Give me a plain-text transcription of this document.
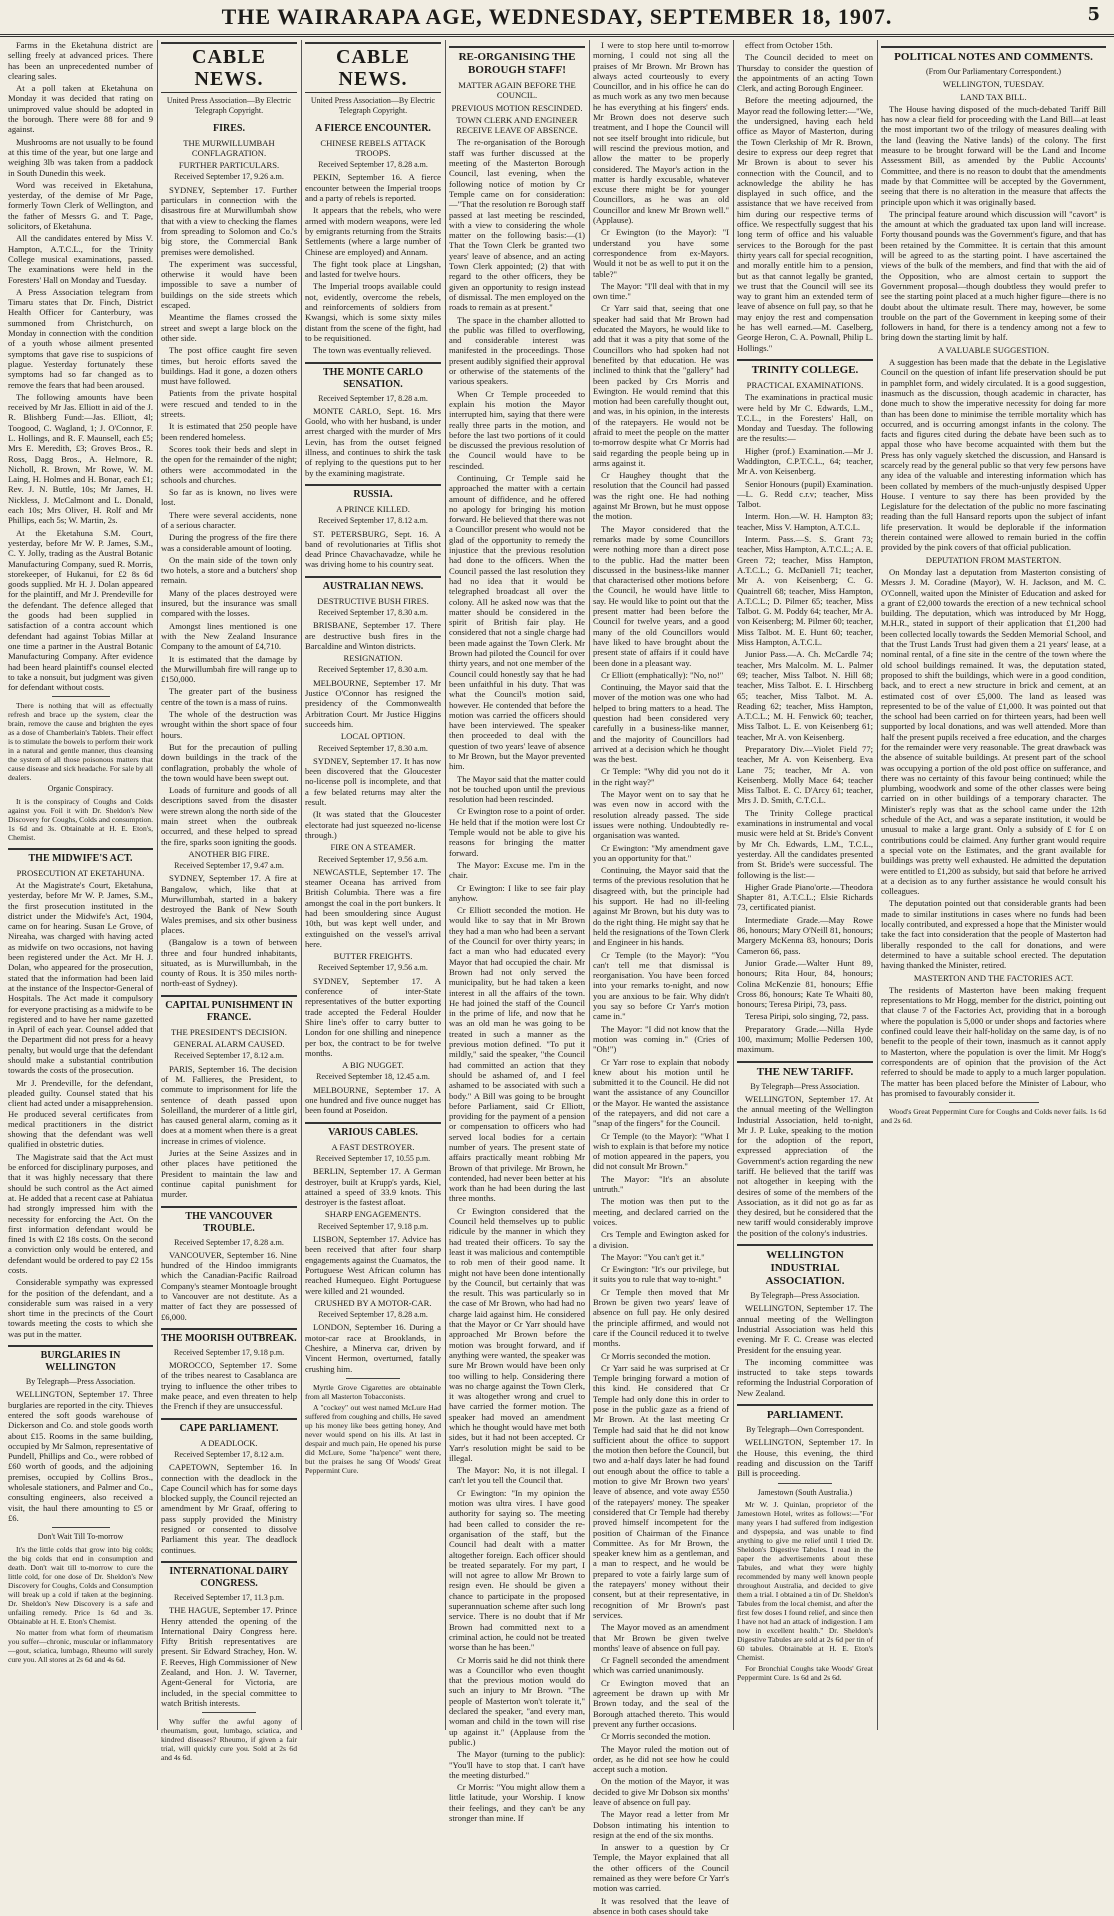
THE WAIRARAPA AGE, WEDNESDAY, SEPTEMBER 18, 1907.	5

Farms in the Eketahuna district are selling freely at advanced prices. There has been an unprecedented number of clearing sales.

At a poll taken at Eketahuna on Monday it was decided that rating on unimproved value should be adopted in the borough. There were 88 for and 9 against.

Mushrooms are not usually to be found at this time of the year, but one large and weighing 3lb was taken from a paddock in South Dunedin this week.

Word was received in Eketahuna, yesterday, of the demise of Mr Page, formerly Town Clerk of Wellington, and the father of Messrs G. and T. Page, solicitors, of Eketahuna.

All the candidates entered by Miss V. Hampton, A.T.C.L., for the Trinity College musical examinations, passed. The examinations were held in the Foresters' Hall on Monday and Tuesday.

A Press Association telegram from Timaru states that Dr. Finch, District Health Officer for Canterbury, was summoned from Christchurch, on Monday in connection with the condition of a youth whose ailment presented symptoms that gave rise to suspicions of plague. Yesterday fortunately these symptoms had so far changed as to remove the fears that had been aroused.

The following amounts have been received by Mr Jas. Elliott in aid of the J. R. Blishberg Fund:—Jas. Elliott, 4l; Toogood, C. Wagland, 1; J. O'Connor, F. L. Hollings, and R. F. Maunsell, each £5; Mrs E. Meredith, £3; Groves Bros., R. Ross, Dagg Bros., A. Helmore, R. Nicholl, R. Brown, Mr Rowe, W. M. Laing, H. Holmes and H. Bonar, each £1; Rev. J. N. Buttle, 10s; Mr James, H. Nickless, J. McCalmont and L. Donald, each 10s; Mrs Oliver, H. Rolf and Mr Phillips, each 5s; W. Martin, 2s.

At the Eketahuna S.M. Court, yesterday, before Mr W. P. James, S.M., C. Y. Jolly, trading as the Austral Botanic Manufacturing Company, sued R. Morris, storekeeper, of Hukanui, for £2 8s 6d goods supplied. Mr H. J. Dolan appeared for the plaintiff, and Mr J. Prendeville for the defendant. The defence alleged that the goods had been supplied in satisfaction of a contra account which defendant had against Tobias Millar at one time a partner in the Austral Botanic Manufacturing Company. After evidence had been heard plaintiff's counsel elected to take a nonsuit, but judgment was given for defendant without costs.

There is nothing that will as effectually refresh and brace up the system, clear the brain, remove the cause and brighten the eyes as a dose of Chamberlain's Tablets. Their effect is to stimulate the bowels to perform their work in a natural and gentle manner, thus cleansing the system of all those poisonous matters that cause disease and sick headache. For sale by all dealers.

Organic Conspiracy.

It is the conspiracy of Coughs and Colds against you. Foil it with Dr. Sheldon's New Discovery for Coughs, Colds and consumption. 1s 6d and 3s. Obtainable at H. E. Eton's, Chemist.

THE MIDWIFE'S ACT.
PROSECUTION AT EKETAHUNA.

At the Magistrate's Court, Eketahuna, yesterday, before Mr W. P. James, S.M., the first prosecution instituted in the district under the Midwife's Act, 1904, came on for hearing. Susan Le Grove, of Nireaha, was charged with having acted as midwife on two occasions, not having been registered under the Act. Mr H. J. Dolan, who appeared for the prosecution, stated that the information had been laid at the instance of the Inspector-General of Hospitals. The Act made it compulsory for everyone practising as a midwife to be registered and to have her name gazetted in April of each year. Counsel added that the Department did not press for a heavy penalty, but would urge that the defendant should make a substantial contribution towards the costs of the prosecution.

Mr J. Prendeville, for the defendant, pleaded guilty. Counsel stated that his client had acted under a misapprehension. He produced several certificates from medical practitioners in the district showing that the defendant was well qualified in obstetric duties.

The Magistrate said that the Act must be enforced for disciplinary purposes, and that it was highly necessary that there should be such control as the Act aimed at. He added that a recent case at Pahiatua had strongly impressed him with the necessity for enforcing the Act. On the first information defendant would be fined 1s with £2 18s costs. On the second a conviction only would be entered, and defendant would be ordered to pay £2 15s costs.

Considerable sympathy was expressed for the position of the defendant, and a considerable sum was raised in a very short time in the precincts of the Court towards meeting the costs to which she was put in the matter.

BURGLARIES IN WELLINGTON
By Telegraph—Press Association.

WELLINGTON, September 17. Three burglaries are reported in the city. Thieves entered the soft goods warehouse of Dickerson and Co. and stole goods worth about £15. Rooms in the same building, occupied by Mr Salmon, representative of Pundell, Phillips and Co., were robbed of £60 worth of goods, and the adjoining premises, occupied by Collins Bros., wholesale stationers, and Palmer and Co., consulting engineers, also received a visit, the haul there amounting to £5 or £6.

Don't Wait Till To-morrow

It's the little colds that grow into big colds; the big colds that end in consumption and death. Don't wait till to-morrow to cure the little cold, for one dose of Dr. Sheldon's New Discovery for Coughs, Colds and Consumption will break up a cold if taken at the beginning. Dr. Sheldon's New Discovery is a safe and unfailing remedy. Price 1s 6d and 3s. Obtainable at H. E. Eton's Chemist.

No matter from what form of rheumatism you suffer—chronic, muscular or inflammatory—gout, sciatica, lumbago, Rheumo will surely cure you. All stores at 2s 6d and 4s 6d.

CABLE NEWS.
United Press Association—By Electric Telegraph Copyright.
FIRES.
THE MURWILLUMBAH CONFLAGRATION.
FURTHER PARTICULARS.
Received September 17, 9.26 a.m.

SYDNEY, September 17. Further particulars in connection with the disastrous fire at Murwillumbah show that with a view to checking the flames from spreading to Solomon and Co.'s big store, the Commercial Bank premises were demolished.

The experiment was successful, otherwise it would have been impossible to save a number of buildings on the side streets which escaped.

Meantime the flames crossed the street and swept a large block on the other side.

The post office caught fire seven times, but heroic efforts saved the buildings. Had it gone, a dozen others must have followed.

Patients from the private hospital were rescued and tended to in the streets.

It is estimated that 250 people have been rendered homeless.

Scores took their beds and slept in the open for the remainder of the night; others were accommodated in the schools and churches.

So far as is known, no lives were lost.

There were several accidents, none of a serious character.

During the progress of the fire there was a considerable amount of looting.

On the main side of the town only two hotels, a store and a butchers' shop remain.

Many of the places destroyed were insured, but the insurance was small compared with the losses.

Amongst lines mentioned is one with the New Zealand Insurance Company to the amount of £4,710.

It is estimated that the damage by the Murwillumbah fire will range up to £150,000.

The greater part of the business centre of the town is a mass of ruins.

The whole of the destruction was wrought within the short space of four hours.

But for the precaution of pulling down buildings in the track of the conflagration, probably the whole of the town would have been swept out.

Loads of furniture and goods of all descriptions saved from the disaster were strewn along the north side of the main street when the outbreak occurred, and these helped to spread the fire, sparks soon igniting the goods.

ANOTHER BIG FIRE.
Received September 17, 9.47 a.m.

SYDNEY, September 17. A fire at Bangalow, which, like that at Murwillumbah, started in a bakery destroyed the Bank of New South Wales premises, and six other business places.

(Bangalow is a town of between three and four hundred inhabitants, situated, as is Murwillumbah, in the county of Rous. It is 350 miles north-north-east of Sydney).

CAPITAL PUNISHMENT IN FRANCE.
THE PRESIDENT'S DECISION.
GENERAL ALARM CAUSED.
Received September 17, 8.12 a.m.

PARIS, September 16. The decision of M. Fallieres, the President, to commute to imprisonment for life the sentence of death passed upon Soleilland, the murderer of a little girl, has caused general alarm, coming as it does at a moment when there is a great increase in crimes of violence.

Juries at the Seine Assizes and in other places have petitioned the President to maintain the law and continue capital punishment for murder.

THE VANCOUVER TROUBLE.
Received September 17, 8.28 a.m.

VANCOUVER, September 16. Nine hundred of the Hindoo immigrants which the Canadian-Pacific Railroad Company's steamer Montoagle brought to Vancouver are not destitute. As a matter of fact they are possessed of £6,000.

THE MOORISH OUTBREAK.
Received September 17, 9.18 p.m.

MOROCCO, September 17. Some of the tribes nearest to Casablanca are trying to influence the other tribes to make peace, and even threaten to help the French if they are unsuccessful.

CAPE PARLIAMENT.
A DEADLOCK.
Received September 17, 8.12 a.m.

CAPETOWN, September 16. In connection with the deadlock in the Cape Council which has for some days blocked supply, the Council rejected an amendment by Mr Graaf, offering to pass supply provided the Ministry resigned or consented to dissolve Parliament this year. The deadlock continues.

INTERNATIONAL DAIRY CONGRESS.
Received September 17, 11.3 p.m.

THE HAGUE, September 17. Prince Henry attended the opening of the International Dairy Congress here. Fifty British representatives are present. Sir Edward Strachey, Hon. W. F. Reeves, High Commissioner of New Zealand, and Hon. J. W. Taverner, Agent-General for Victoria, are included, in the special committee to watch British interests.

Why suffer the awful agony of rheumatism, gout, lumbago, sciatica, and kindred diseases? Rheumo, if given a fair trial, will quickly cure you. Sold at 2s 6d and 4s 6d.

CABLE NEWS.
United Press Association—By Electric Telegraph Copyright.
A FIERCE ENCOUNTER.
CHINESE REBELS ATTACK TROOPS.
Received September 17, 8.28 a.m.

PEKIN, September 16. A fierce encounter between the Imperial troops and a party of rebels is reported.

It appears that the rebels, who were armed with modern weapons, were led by emigrants returning from the Straits Settlements (where a large number of Chinese are employed) and Annam.

The fight took place at Lingshan, and lasted for twelve hours.

The Imperial troops available could not, evidently, overcome the rebels, and reinforcements of soldiers from Kwangsi, which is some sixty miles distant from the scene of the fight, had to be requisitioned.

The town was eventually relieved.

THE MONTE CARLO SENSATION.
Received September 17, 8.28 a.m.

MONTE CARLO, Sept. 16. Mrs Goold, who with her husband, is under arrest charged with the murder of Mrs Levin, has from the outset feigned illness, and continues to shirk the task of replying to the questions put to her by the examining magistrate.

RUSSIA.
A PRINCE KILLED.
Received September 17, 8.12 a.m.

ST. PETERSBURG, Sept. 16. A band of revolutionaries at Tiflis shot dead Prince Chavachavadze, while he was driving home to his country seat.

AUSTRALIAN NEWS.
DESTRUCTIVE BUSH FIRES.
Received September 17, 8.30 a.m.

BRISBANE, September 17. There are destructive bush fires in the Barcaldine and Winton districts.

RESIGNATION.
Received September 17, 8.30 a.m.

MELBOURNE, September 17. Mr Justice O'Connor has resigned the presidency of the Commonwealth Arbitration Court. Mr Justice Higgins succeeds him.

LOCAL OPTION.
Received September 17, 8.30 a.m.

SYDNEY, September 17. It has now been discovered that the Gloucester no-license poll is incomplete, and that a few belated returns may alter the result.

(It was stated that the Gloucester electorate had just squeezed no-license through.)

FIRE ON A STEAMER.
Received September 17, 9.56 a.m.

NEWCASTLE, September 17. The steamer Oceana has arrived from British Columbia. There was a fire amongst the coal in the port bunkers. It had been smouldering since August 10th, but was kept well under, and extinguished on the vessel's arrival here.

BUTTER FREIGHTS.
Received September 17, 9.56 a.m.

SYDNEY, September 17. A conference of inter-State representatives of the butter exporting trade accepted the Federal Houlder Shire line's offer to carry butter to London for one shilling and ninepence per box, the contract to be for twelve months.

A BIG NUGGET.
Received September 18, 12.45 a.m.

MELBOURNE, September 17. A one hundred and five ounce nugget has been found at Poseidon.

VARIOUS CABLES.
A FAST DESTROYER.
Received September 17, 10.55 p.m.

BERLIN, September 17. A German destroyer, built at Krupp's yards, Kiel, attained a speed of 33.9 knots. This destroyer is the fastest afloat.

SHARP ENGAGEMENTS.
Received September 17, 9.18 p.m.

LISBON, September 17. Advice has been received that after four sharp engagements against the Cuamatos, the Portuguese West African column has reached Humequeo. Eight Portuguese were killed and 21 wounded.

CRUSHED BY A MOTOR-CAR.
Received September 17, 8.28 a.m.

LONDON, September 16. During a motor-car race at Brooklands, in Cheshire, a Minerva car, driven by Vincent Hermon, overturned, fatally crushing him.

Myrtle Grove Cigarettes are obtainable from all Masterton Tobacconists.

A "cockey" out west named McLure Had suffered from coughing and chills, He saved up his money like bees getting honey, And never would spend on his ills. At last in despair and much pain, He opened his purse did McLure, Some "ha'pence" went there, but the praises he sang Of Woods' Great Peppermint Cure.

RE-ORGANISING THE BOROUGH STAFF!
MATTER AGAIN BEFORE THE COUNCIL.
PREVIOUS MOTION RESCINDED.
TOWN CLERK AND ENGINEER RECEIVE LEAVE OF ABSENCE.

The re-organisation of the Borough staff was further discussed at the meeting of the Masterton Borough Council, last evening, when the following notice of motion by Cr Temple came on for consideration:—"That the resolution re Borough staff passed at last meeting be rescinded, with a view to considering the whole matter on the following basis:—(1) That the Town Clerk be granted two years' leave of absence, and an acting Town Clerk appointed; (2) that with regard to the other officers, they be given an opportunity to resign instead of dismissal. The men employed on the roads to remain as at present."

The space in the chamber allotted to the public was filled to overflowing, and considerable interest was manifested in the proceedings. Those present audibly signified their approval or otherwise of the statements of the various speakers.

When Cr Temple proceeded to explain his motion the Mayor interrupted him, saying that there were really three parts in the motion, and before the last two portions of it could be discussed the previous resolution of the Council would have to be rescinded.

Continuing, Cr Temple said he approached the matter with a certain amount of diffidence, and he offered no apology for bringing his motion forward. He believed that there was not a Councillor present who would not be glad of the opportunity to remedy the injustice that the previous resolution had done to the officers. When the Council passed the last resolution they had no idea that it would be telegraphed broadcast all over the colony. All he asked now was that the matter should be considered in the spirit of British fair play. He considered that not a single charge had been made against the Town Clerk. Mr Brown had piloted the Council for over thirty years, and not one member of the Council could honestly say that he had been unfaithful in his duty. That was what the Council's motion said, however. He contended that before the motion was carried the officers should have been interviewed. The speaker then proceeded to deal with the question of two years' leave of absence to Mr Brown, but the Mayor prevented him.

The Mayor said that the matter could not be touched upon until the previous resolution had been rescinded.

Cr Ewington rose to a point of order. He held that if the motion were lost Cr Temple would not be able to give his reasons for bringing the matter forward.

The Mayor: Excuse me. I'm in the chair.

Cr Ewington: I like to see fair play anyhow.

Cr Elliott seconded the motion. He would like to say that in Mr Brown they had a man who had been a servant of the Council for over thirty years; in fact a man who had educated every Mayor that had occupied the chair. Mr Brown had not only served the municipality, but he had taken a keen interest in all the affairs of the town. He had joined the staff of the Council in the prime of life, and now that he was an old man he was going to be treated in such a manner as the previous motion defined. "To put it mildly," said the speaker, "the Council had committed an action that they should be ashamed of, and I feel ashamed to be associated with such a body." A Bill was going to be brought before Parliament, said Cr Elliott, providing for the payment of a pension or compensation to officers who had served local bodies for a certain number of years. The present state of affairs practically meant robbing Mr Brown of that privilege. Mr Brown, he contended, had never been better at his work than he had been during the last three months.

Cr Ewington considered that the Council held themselves up to public ridicule by the manner in which they had treated their officers. To say the least it was malicious and contemptible to rob men of their good name. It might not have been done intentionally by the Council, but certainly that was the result. This was particularly so in the case of Mr Brown, who had had no charge laid against him. He considered that the Mayor or Cr Yarr should have approached Mr Brown before the motion was brought forward, and if anything were wanted, the speaker was sure Mr Brown would have been only too willing to help. Considering there was no charge against the Town Clerk, it was altogether wrong and cruel to have carried the former motion. The speaker had moved an amendment which he thought would have met both sides, but it had not been accepted. Cr Yarr's resolution might be said to be illegal.

The Mayor: No, it is not illegal. I can't let you tell the Council that.

Cr Ewington: "In my opinion the motion was ultra vires. I have good authority for saying so. The meeting had been called to consider the re-organisation of the staff, but the Council had dealt with a matter altogether foreign. Each officer should be treated separately. For my part, I will not agree to allow Mr Brown to resign even. He should be given a chance to participate in the proposed superannuation scheme after such long service. There is no doubt that if Mr Brown had committed next to a criminal action, he could not be treated worse than he has been."

Cr Morris said he did not think there was a Councillor who even thought that the previous motion would do such an injury to Mr Brown. "The people of Masterton won't tolerate it," declared the speaker, "and every man, woman and child in the town will rise up against it." (Applause from the public.)

The Mayor (turning to the public): "You'll have to stop that. I can't have the meeting disturbed."

Cr Morris: "You might allow them a little latitude, your Worship. I know their feelings, and they can't be any stronger than mine. If

I were to stop here until to-morrow morning, I could not sing all the praises of Mr Brown. Mr Brown has always acted courteously to every Councillor, and in his office he can do as much work as any two men because he has everything at his fingers' ends. Mr Brown does not deserve such treatment, and I hope the Council will not see itself brought into ridicule, but will rescind the previous motion, and allow the matter to be properly considered. The Mayor's action in the matter is hardly excusable, whatever excuse there might be for younger Councillors, as he was an old Councillor and knew Mr Brown well." (Applause).

Cr Ewington (to the Mayor): "I understand you have some correspondence from ex-Mayors. Would it not be as well to put it on the table?"

The Mayor: "I'll deal with that in my own time."

Cr Yarr said that, seeing that one speaker had said that Mr Brown had educated the Mayors, he would like to add that it was a pity that some of the Councillors who had spoken had not benefited by that education. He was inclined to think that the "gallery" had been packed by Crs Morris and Ewington. He would remind that this motion had been carefully thought out, and was, in his opinion, in the interests of the ratepayers. He would not be afraid to meet the people on the matter to-morrow despite what Cr Morris had said regarding the people being up in arms against it.

Cr Haughey thought that the resolution that the Council had passed was the right one. He had nothing against Mr Brown, but he must oppose the motion.

The Mayor considered that the remarks made by some Councillors were nothing more than a direct pose to the public. Had the matter been discussed in the business-like manner that characterised other motions before the Council, he would have little to say. He would like to point out that the present matter had been before the Council for twelve years, and a good many of the old Councillors would have liked to have brought about the present state of affairs if it could have been done in a pleasant way.

Cr Elliott (emphatically): "No, no!"

Continuing, the Mayor said that the mover of the motion was one who had helped to bring matters to a head. The question had been considered very carefully in a business-like manner, and the majority of Councillors had arrived at a decision which he thought was the best.

Cr Temple: "Why did you not do it in the right way?"

The Mayor went on to say that he was even now in accord with the resolution already passed. The side issues were nothing. Undoubtedly re-organisation was wanted.

Cr Ewington: "My amendment gave you an opportunity for that."

Continuing, the Mayor said that the terms of the previous resolution that he disagreed with, but the principle had his support. He had no ill-feeling against Mr Brown, but his duty was to do the right thing. He might say that he held the resignations of the Town Clerk and Engineer in his hands.

Cr Temple (to the Mayor): "You can't tell me that dismissal is reorganisation. You have been forced into your remarks to-night, and now you are anxious to be fair. Why didn't you say so before Cr Yarr's motion came in."

The Mayor: "I did not know that the motion was coming in." (Cries of "Oh!")

Cr Yarr rose to explain that nobody knew about his motion until he submitted it to the Council. He did not want the assistance of any Councillor or the Mayor. He wanted the assistance of the ratepayers, and did not care a "snap of the fingers" for the Council.

Cr Temple (to the Mayor): "What I wish to explain is that before my notice of motion appeared in the papers, you did not consult Mr Brown."

The Mayor: "It's an absolute untruth."

The motion was then put to the meeting, and declared carried on the voices.

Crs Temple and Ewington asked for a division.

The Mayor: "You can't get it."

Cr Ewington: "It's our privilege, but it suits you to rule that way to-night."

Cr Temple then moved that Mr Brown be given two years' leave of absence on full pay. He only desired the principle affirmed, and would not care if the Council reduced it to twelve months.

Cr Morris seconded the motion.

Cr Yarr said he was surprised at Cr Temple bringing forward a motion of this kind. He considered that Cr Temple had only done this in order to pose in the public gaze as a friend of Mr Brown. At the last meeting Cr Temple had said that he did not know sufficient about the office to support the motion then before the Council, but two and a-half days later he had found out enough about the office to table a motion to give Mr Brown two years' leave of absence, and vote away £550 of the ratepayers' money. The speaker considered that Cr Temple had thereby proved himself incompetent for the position of Chairman of the Finance Committee. As for Mr Brown, the speaker knew him as a gentleman, and a man to respect, and he would be prepared to vote a fairly large sum of the ratepayers' money without their consent, but at their representative, in recognition of Mr Brown's past services.

The Mayor moved as an amendment that Mr Brown be given twelve months' leave of absence on full pay.

Cr Fagnell seconded the amendment which was carried unanimously.

Cr Ewington moved that an agreement be drawn up with Mr Brown today, and the seal of the Borough attached thereto. This would prevent any further occasions.

Cr Morris seconded the motion.

The Mayor ruled the motion out of order, as he did not see how he could accept such a motion.

On the motion of the Mayor, it was decided to give Mr Dobson six months' leave of absence on full pay.

The Mayor read a letter from Mr Dobson intimating his intention to resign at the end of the six months.

In answer to a question by Cr Temple, the Mayor explained that all the other officers of the Council remained as they were before Cr Yarr's motion was carried.

It was resolved that the leave of absence in both cases should take

effect from October 15th.

The Council decided to meet on Thursday to consider the question of the appointments of an acting Town Clerk, and acting Borough Engineer.

Before the meeting adjourned, the Mayor read the following letter:—"We, the undersigned, having each held office as Mayor of Masterton, during the Town Clerkship of Mr R. Brown, desire to express our deep regret that Mr Brown is about to sever his connection with the Council, and to acknowledge the ability he has displayed in such office, and the assistance that we have received from him during our respective terms of office. We respectfully suggest that his long term of office and his valuable services to the Borough for the past thirty years call for special recognition, and morally entitle him to a pension, but as that cannot legally be granted, we trust that the Council will see its way to grant him an extended term of leave of absence on full pay, so that he may enjoy the rest and compensation he has well earned.—M. Caselberg, George Heron, C. A. Pownall, Philip L. Hollings."

TRINITY COLLEGE.
PRACTICAL EXAMINATIONS.

The examinations in practical music were held by Mr C. Edwards, L.M., T.C.L., in the Foresters' Hall, on Monday and Tuesday. The following are the results:—

Higher (prof.) Examination.—Mr J. Waddington, C.P.T.C.L., 64; teacher, Mr A. von Keisenberg.

Senior Honours (pupil) Examination.—L. G. Redd c.r.v; teacher, Miss Talbot.

Interm. Hon.—W. H. Hampton 83; teacher, Miss V. Hampton, A.T.C.L.

Interm. Pass.—S. S. Grant 73; teacher, Miss Hampton, A.T.C.L.; A. E. Green 72; teacher, Miss Hampton, A.T.C.L.; G. McDaniell 71; teacher, Mr A. von Keisenberg; C. G. Quaintrell 68; teacher, Miss Hampton, A.T.C.L.; D. Pilmer 65; teacher, Miss Talbot. G. M. Poddy 64; teacher, Mr A. von Keisenberg; M. Pilmer 60; teacher, Miss Talbot. M. E. Hunt 60; teacher, Miss Hampton, A.T.C.L.

Junior Pass.—A. Ch. McCardle 74; teacher, Mrs Malcolm. M. L. Palmer 69; teacher, Miss Talbot. N. Hill 68; teacher, Miss Talbot. E. I. Hirschberg 65; teacher, Miss Talbot. M. A. Reading 62; teacher, Miss Hampton, A.T.C.L.; M. H. Fenwick 60; teacher, Miss Talbot. L. E. von Keisenberg 61; teacher, Mr A. von Keisenberg.

Preparatory Div.—Violet Field 77; teacher, Mr A. von Keisenberg. Eva Lane 75; teacher, Mr A. von Keisenberg. Molly Mace 64; teacher Miss Talbot. E. C. D'Arcy 61; teacher, Mrs J. D. Smith, C.T.C.L.

The Trinity College practical examinations in instrumental and vocal music were held at St. Bride's Convent by Mr Ch. Edwards, L.M., T.C.L., yesterday. All the candidates presented from St. Bride's were successful. The following is the list:—

Higher Grade Piano'orte.—Theodora Shapter 81, A.T.C.L.; Elsie Richards 73, certificated pianist.

Intermediate Grade.—May Rowe 86, honours; Mary O'Neill 81, honours; Margery McKenna 83, honours; Doris Cameron 66, pass.

Junior Grade.—Walter Hunt 89, honours; Rita Hour, 84, honours; Colina McKenzie 81, honours; Effie Cross 86, honours; Kate Te Whaiti 80, honours; Teresa Piripi, 73, pass.

Teresa Piripi, solo singing, 72, pass.

Preparatory Grade.—Nilla Hyde 100, maximum; Mollie Pedersen 100, maximum.

THE NEW TARIFF.
By Telegraph—Press Association.

WELLINGTON, September 17. At the annual meeting of the Wellington Industrial Association, held to-night, Mr J. P. Luke, speaking to the motion for the adoption of the report, expressed appreciation of the Government's action regarding the new tariff. He believed that the tariff was not altogether in keeping with the desires of some of the members of the Association, as it did not go as far as they desired, but he considered that the new tariff would considerably improve the position of the colony's industries.

WELLINGTON INDUSTRIAL ASSOCIATION.
By Telegraph—Press Association.

WELLINGTON, September 17. The annual meeting of the Wellington Industrial Association was held this evening. Mr F. C. Crease was elected President for the ensuing year.

The incoming committee was instructed to take steps towards reforming the Industrial Corporation of New Zealand.

PARLIAMENT.
By Telegraph—Own Correspondent.

WELLINGTON, September 17. In the House, this evening, the third reading and discussion on the Tariff Bill is proceeding.

Jamestown (South Australia.)

Mr W. J. Quinlan, proprietor of the Jamestown Hotel, writes as follows:—"For many years I had suffered from indigestion and dyspepsia, and was unable to find anything to give me relief until I tried Dr. Sheldon's Digestive Tabules. I read in the paper the advertisements about these Tabules, and what they were highly recommended by many well known people throughout Australia, and decided to give them a trial. I obtained a tin of Dr. Sheldon's Tabules from the local chemist, and after the first few doses I found relief, and since then I have not had an attack of indigestion. I am now in excellent health." Dr. Sheldon's Digestive Tabules are sold at 2s 6d per tin of 60 tabules. Obtainable at H. E. Eton's Chemist.

For Bronchial Coughs take Woods' Great Peppermint Cure. 1s 6d and 2s 6d.

POLITICAL NOTES AND COMMENTS.
(From Our Parliamentary Correspondent.)
WELLINGTON, TUESDAY.
LAND TAX BILL.

The House having disposed of the much-debated Tariff Bill has now a clear field for proceeding with the Land Bill—at least the most important two of the trilogy of measures dealing with the land (leaving the Native lands) of the colony. The first measure to be brought forward will be the Land and Income Assessment Bill, as amended by the Public Accounts' Committee, and there is no reason to doubt that the amendments made by that Committee will be accepted by the Government, seeing that there is no alteration in the measure that affects the principle upon which it was originally based.

The principal feature around which discussion will "cavort" is the amount at which the graduated tax upon land will increase. Forty thousand pounds was the Government's figure, and that has been retained by the Committee. It is certain that this amount will be agreed to as the starting point. I have ascertained the views of the bulk of the members, and find that with the aid of the Opposition, who are almost certain to support the Government proposal—though doubtless they would prefer to see the starting point placed at a much higher figure—there is no doubt about the ultimate result. There may, however, be some trouble on the part of the Government in keeping some of their followers in hand, for there is a tendency among not a few to bring down the starting limit by half.

A VALUABLE SUGGESTION.

A suggestion has been made that the debate in the Legislative Council on the question of infant life preservation should be put in pamphlet form, and widely circulated. It is a good suggestion, inasmuch as the discussion, though academic in character, has done much to show the imperative necessity for doing far more than has been done to minimise the terrible mortality which has occurred, and is occurring amongst infants in the colony. The facts and figures cited during the debate have been such as to appal those who have become acquainted with them but the Press has only vaguely sketched the discussion, and Hansard is scarcely read by the general public so that very few persons have any idea of the valuable and interesting information which has been collated by members of the much-unjustly despised Upper House. I venture to say there has been provided by the Legislature for the delectation of the public no more fascinating reading than the full Hansard reports upon the subject of infant life preservation. It would be deplorable if the information therein contained were allowed to remain buried in the coffin provided by the pink covers of that official publication.

DEPUTATION FROM MASTERTON.

On Monday last a deputation from Masterton consisting of Messrs J. M. Coradine (Mayor), W. H. Jackson, and M. C. O'Connell, waited upon the Minister of Education and asked for a grant of £2,000 towards the erection of a new technical school building. The deputation, which was introduced by Mr Hogg, M.H.R., stated in support of their application that £1,200 had been collected locally towards the Sedden Memorial School, and that the Trust Lands Trust had given them a 21 years' lease, at a nominal rental, of a fine site in the centre of the town where the old school buildings remained. It was, the deputation stated, proposed to shift the buildings, which were in a good condition, back, and to erect a new structure in brick and cement, at an estimated cost of over £5,000. The land as leased was represented to be of the value of £1,000. It was pointed out that the school had been carried on for thirteen years, had been well supported by local donations, and was well attended. More than half the present pupils received a free education, and the charges for the remainder were very reasonable. The great drawback was the absence of suitable buildings. At present part of the school was occupying a portion of the old post office on sufferance, and there was no certainty of this favour being continued; while the plumbing, woodwork and some of the other classes were being carried on in other buildings of a temporary character. The Minister's reply was that as the school came under the 12th schedule of the Act, and was a separate institution, it would be unusual to make a large grant. Only a subsidy of £ for £ on contributions could be claimed. Any further grant would require a special vote on the Estimates, and the grant available for buildings was pretty well exhausted. He admitted the deputation were entitled to £1,200 as subsidy, but said that before he arrived at a decision as to any further assistance he would consult his colleagues.

The deputation pointed out that considerable grants had been made to similar institutions in cases where no funds had been locally contributed, and expressed a hope that the Minister would take the fact into consideration that the people of Masterton had liberally responded to the call for donations, and were determined to have a suitable school erected. The deputation having thanked the Minister, retired.

MASTERTON AND THE FACTORIES ACT.

The residents of Masterton have been making frequent representations to Mr Hogg, member for the district, pointing out that clause 7 of the Factories Act, providing that in a borough where the population is 5,000 or under shops and factories where confined could leave their half-holiday on the same day, is of no benefit to the people of their town, inasmuch as it cannot apply to Masterton, where the population is over the limit. Mr Hogg's correspondents are of opinion that the provision of the Act referred to should be made to apply to a much larger population. The matter has been placed before the Minister of Labour, who has promised to favourably consider it.

Wood's Great Peppermint Cure for Coughs and Colds never fails. 1s 6d and 2s 6d.
